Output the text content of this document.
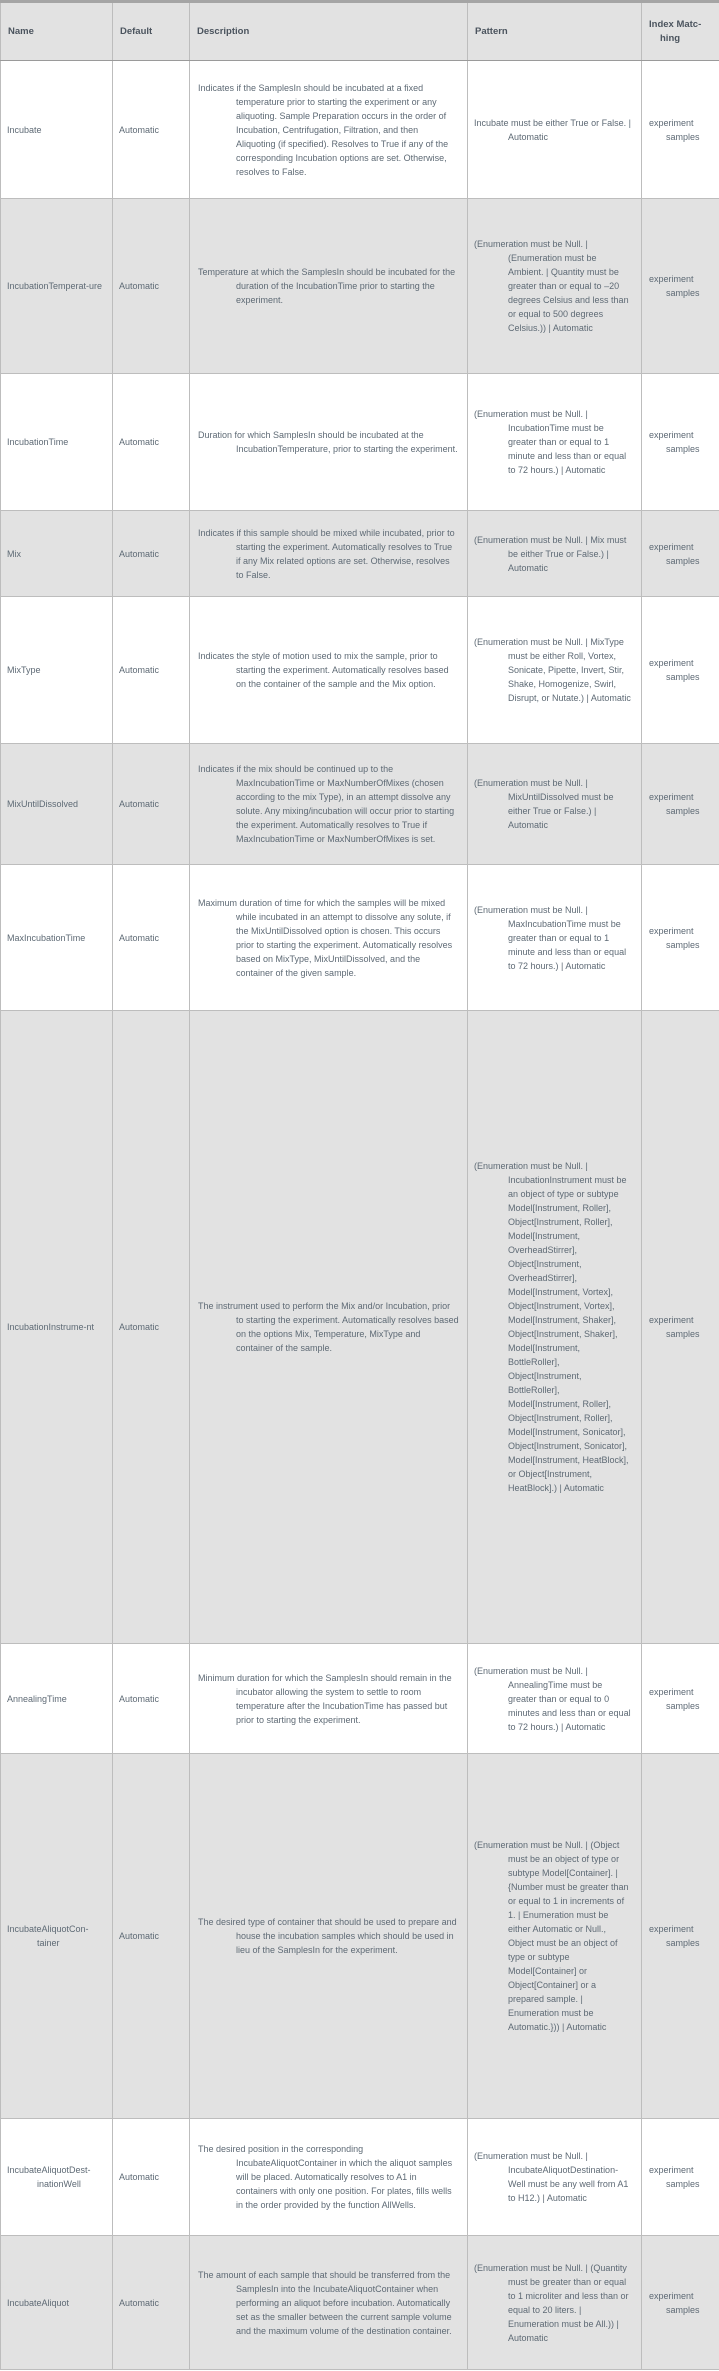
Name	Default	Description	Pattern	Index Matc-hing
Incubate	Automatic	Indicates if the SamplesIn should be incubated at a fixed temperature prior to starting the experiment or any aliquoting. Sample Preparation occurs in the order of Incubation, Centrifugation, Filtration, and then Aliquoting (if specified). Resolves to True if any of the corresponding Incubation options are set. Otherwise, resolves to False.	Incubate must be either True or False. | Automatic	experiment samples
IncubationTemperat-ure	Automatic	Temperature at which the SamplesIn should be incubated for the duration of the IncubationTime prior to starting the experiment.	(Enumeration must be Null. | (Enumeration must be Ambient. | Quantity must be greater than or equal to –20 degrees Celsius and less than or equal to 500 degrees Celsius.)) | Automatic	experiment samples
IncubationTime	Automatic	Duration for which SamplesIn should be incubated at the IncubationTemperature, prior to starting the experiment.	(Enumeration must be Null. | IncubationTime must be greater than or equal to 1 minute and less than or equal to 72 hours.) | Automatic	experiment samples
Mix	Automatic	Indicates if this sample should be mixed while incubated, prior to starting the experiment. Automatically resolves to True if any Mix related options are set. Otherwise, resolves to False.	(Enumeration must be Null. | Mix must be either True or False.) | Automatic	experiment samples
MixType	Automatic	Indicates the style of motion used to mix the sample, prior to starting the experiment. Automatically resolves based on the container of the sample and the Mix option.	(Enumeration must be Null. | MixType must be either Roll, Vortex, Sonicate, Pipette, Invert, Stir, Shake, Homogenize, Swirl, Disrupt, or Nutate.) | Automatic	experiment samples
MixUntilDissolved	Automatic	Indicates if the mix should be continued up to the MaxIncubationTime or MaxNumberOfMixes (chosen according to the mix Type), in an attempt dissolve any solute. Any mixing/incubation will occur prior to starting the experiment. Automatically resolves to True if MaxIncubationTime or MaxNumberOfMixes is set.	(Enumeration must be Null. | MixUntilDissolved must be either True or False.) | Automatic	experiment samples
MaxIncubationTime	Automatic	Maximum duration of time for which the samples will be mixed while incubated in an attempt to dissolve any solute, if the MixUntilDissolved option is chosen. This occurs prior to starting the experiment. Automatically resolves based on MixType, MixUntilDissolved, and the container of the given sample.	(Enumeration must be Null. | MaxIncubationTime must be greater than or equal to 1 minute and less than or equal to 72 hours.) | Automatic	experiment samples
IncubationInstrume-nt	Automatic	The instrument used to perform the Mix and/or Incubation, prior to starting the experiment. Automatically resolves based on the options Mix, Temperature, MixType and container of the sample.	(Enumeration must be Null. | IncubationInstrument must be an object of type or subtype Model[Instrument, Roller], Object[Instrument, Roller], Model[Instrument, OverheadStirrer], Object[Instrument, OverheadStirrer], Model[Instrument, Vortex], Object[Instrument, Vortex], Model[Instrument, Shaker], Object[Instrument, Shaker], Model[Instrument, BottleRoller], Object[Instrument, BottleRoller], Model[Instrument, Roller], Object[Instrument, Roller], Model[Instrument, Sonicator], Object[Instrument, Sonicator], Model[Instrument, HeatBlock], or Object[Instrument, HeatBlock].) | Automatic	experiment samples
AnnealingTime	Automatic	Minimum duration for which the SamplesIn should remain in the incubator allowing the system to settle to room temperature after the IncubationTime has passed but prior to starting the experiment.	(Enumeration must be Null. | AnnealingTime must be greater than or equal to 0 minutes and less than or equal to 72 hours.) | Automatic	experiment samples
IncubateAliquotCon-tainer	Automatic	The desired type of container that should be used to prepare and house the incubation samples which should be used in lieu of the SamplesIn for the experiment.	(Enumeration must be Null. | (Object must be an object of type or subtype Model[Container]. | {Number must be greater than or equal to 1 in increments of 1. | Enumeration must be either Automatic or Null., Object must be an object of type or subtype Model[Container] or Object[Container] or a prepared sample. | Enumeration must be Automatic.})) | Automatic	experiment samples
IncubateAliquotDest-inationWell	Automatic	The desired position in the corresponding IncubateAliquotContainer in which the aliquot samples will be placed. Automatically resolves to A1 in containers with only one position. For plates, fills wells in the order provided by the function AllWells.	(Enumeration must be Null. | IncubateAliquotDestination-Well must be any well from A1 to H12.) | Automatic	experiment samples
IncubateAliquot	Automatic	The amount of each sample that should be transferred from the SamplesIn into the IncubateAliquotContainer when performing an aliquot before incubation. Automatically set as the smaller between the current sample volume and the maximum volume of the destination container.	(Enumeration must be Null. | (Quantity must be greater than or equal to 1 microliter and less than or equal to 20 liters. | Enumeration must be All.)) | Automatic	experiment samples
